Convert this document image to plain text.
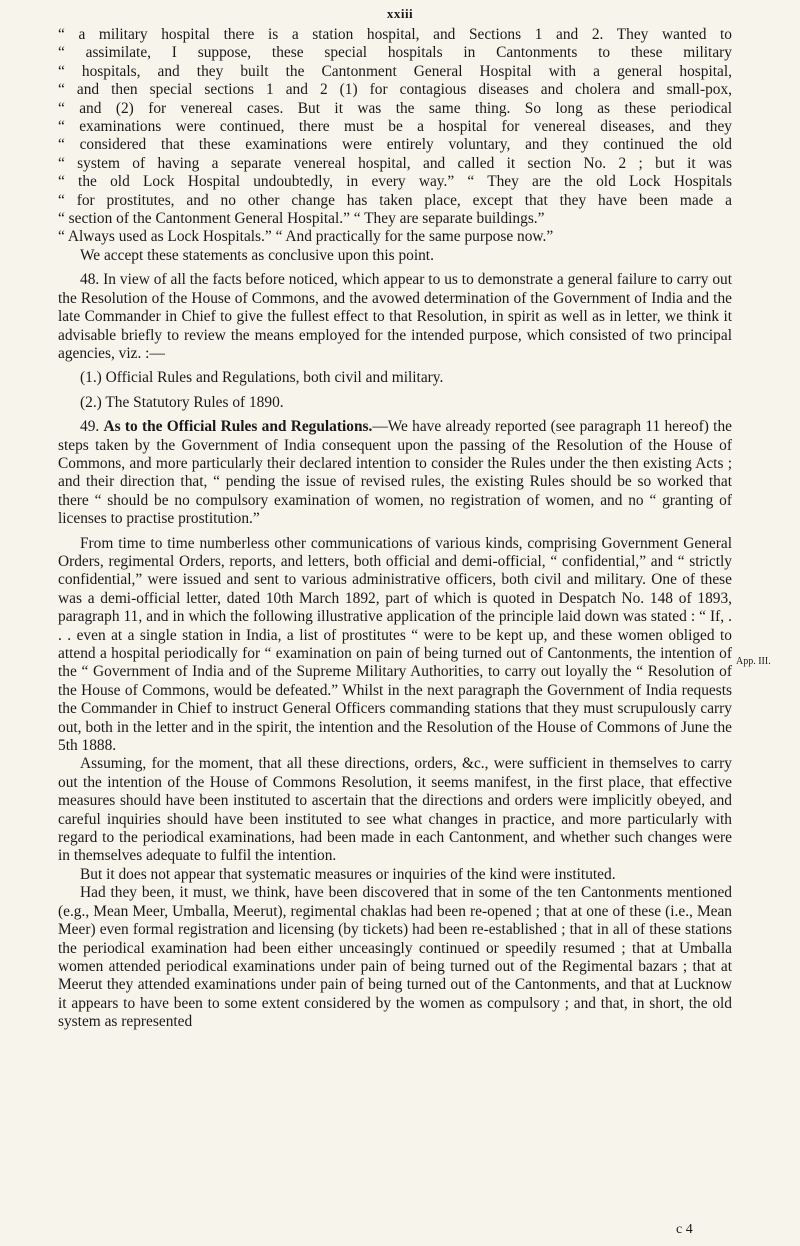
xxiii
“ a military hospital there is a station hospital, and Sections 1 and 2. They wanted to
“ assimilate, I suppose, these special hospitals in Cantonments to these military
“ hospitals, and they built the Cantonment General Hospital with a general hospital,
“ and then special sections 1 and 2 (1) for contagious diseases and cholera and small-pox,
“ and (2) for venereal cases. But it was the same thing. So long as these periodical
“ examinations were continued, there must be a hospital for venereal diseases, and they
“ considered that these examinations were entirely voluntary, and they continued the old
“ system of having a separate venereal hospital, and called it section No. 2 ; but it was
“ the old Lock Hospital undoubtedly, in every way.” “ They are the old Lock Hospitals
“ for prostitutes, and no other change has taken place, except that they have been made a
“ section of the Cantonment General Hospital.” “ They are separate buildings.”
“ Always used as Lock Hospitals.” “ And practically for the same purpose now.”

We accept these statements as conclusive upon this point.

48. In view of all the facts before noticed, which appear to us to demonstrate a general failure to carry out the Resolution of the House of Commons, and the avowed determination of the Government of India and the late Commander in Chief to give the fullest effect to that Resolution, in spirit as well as in letter, we think it advisable briefly to review the means employed for the intended purpose, which consisted of two principal agencies, viz. :—

(1.) Official Rules and Regulations, both civil and military.

(2.) The Statutory Rules of 1890.

49. As to the Official Rules and Regulations.—We have already reported (see paragraph 11 hereof) the steps taken by the Government of India consequent upon the passing of the Resolution of the House of Commons, and more particularly their declared intention to consider the Rules under the then existing Acts ; and their direction that, “ pending the issue of revised rules, the existing Rules should be so worked that there “ should be no compulsory examination of women, no registration of women, and no “ granting of licenses to practise prostitution.”

From time to time numberless other communications of various kinds, comprising Government General Orders, regimental Orders, reports, and letters, both official and demi-official, “ confidential,” and “ strictly confidential,” were issued and sent to various administrative officers, both civil and military. One of these was a demi-official letter, dated 10th March 1892, part of which is quoted in Despatch No. 148 of 1893, paragraph 11, and in which the following illustrative application of the principle laid down was stated : “ If, . . . even at a single station in India, a list of prostitutes “ were to be kept up, and these women obliged to attend a hospital periodically for “ examination on pain of being turned out of Cantonments, the intention of the “ Government of India and of the Supreme Military Authorities, to carry out loyally the “ Resolution of the House of Commons, would be defeated.” Whilst in the next paragraph the Government of India requests the Commander in Chief to instruct General Officers commanding stations that they must scrupulously carry out, both in the letter and in the spirit, the intention and the Resolution of the House of Commons of June the 5th 1888.

Assuming, for the moment, that all these directions, orders, &c., were sufficient in themselves to carry out the intention of the House of Commons Resolution, it seems manifest, in the first place, that effective measures should have been instituted to ascertain that the directions and orders were implicitly obeyed, and careful inquiries should have been instituted to see what changes in practice, and more particularly with regard to the periodical examinations, had been made in each Cantonment, and whether such changes were in themselves adequate to fulfil the intention.

But it does not appear that systematic measures or inquiries of the kind were instituted.

Had they been, it must, we think, have been discovered that in some of the ten Cantonments mentioned (e.g., Mean Meer, Umballa, Meerut), regimental chaklas had been re-opened ; that at one of these (i.e., Mean Meer) even formal registration and licensing (by tickets) had been re-established ; that in all of these stations the periodical examination had been either unceasingly continued or speedily resumed ; that at Umballa women attended periodical examinations under pain of being turned out of the Regimental bazars ; that at Meerut they attended examinations under pain of being turned out of the Cantonments, and that at Lucknow it appears to have been to some extent considered by the women as compulsory ; and that, in short, the old system as represented

App. III.
c 4
